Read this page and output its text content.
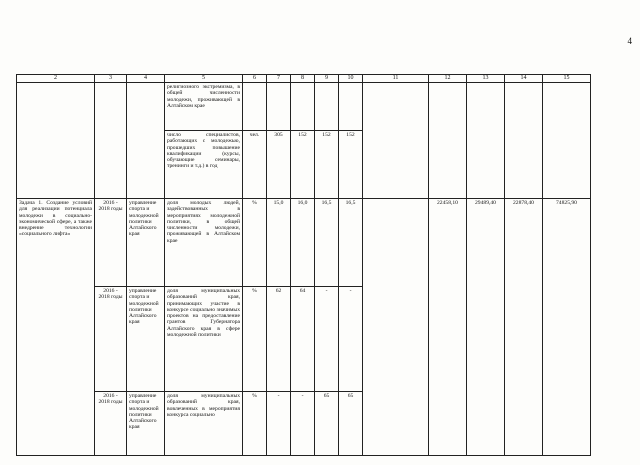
4
2	3	4	5	6	7	8	9	10	11	12	13	14	15
			религиозного экстремизма, в общей численности молодежи, проживающей в Алтайском крае										
			число специалистов, работающих с молодежью, прошедших повышение квалификации (курсы, обучающие семинары, тренинги и т.д.) в год	чел.	305	152	152	152					
Задача 1. Создание условий для реализации потенциала молодежи в социально-экономической сфере, а также внедрение технологии «социального лифта»	2016 - 2018 годы	управление спорта и молодежной политики Алтайского края	доля молодых людей, задействованных в мероприятиях молодежной политики, в общей численности молодежи, проживающей в Алтайском крае	%	15,0	16,0	16,5	16,5		22458,10	29489,40	22878,40	74825,90
	2016 - 2018 годы	управление спорта и молодежной политики Алтайского края	доля муниципальных образований края, принимающих участие в конкурсе социально значимых проектов на предоставление грантов Губернатора Алтайского края в сфере молодежной политики	%	62	64	-	-					
	2016 - 2018 годы	управление спорта и молодежной политики Алтайского края	доля муниципальных образований края, вовлеченных в мероприятия конкурса социально	%	-	-	65	65					
